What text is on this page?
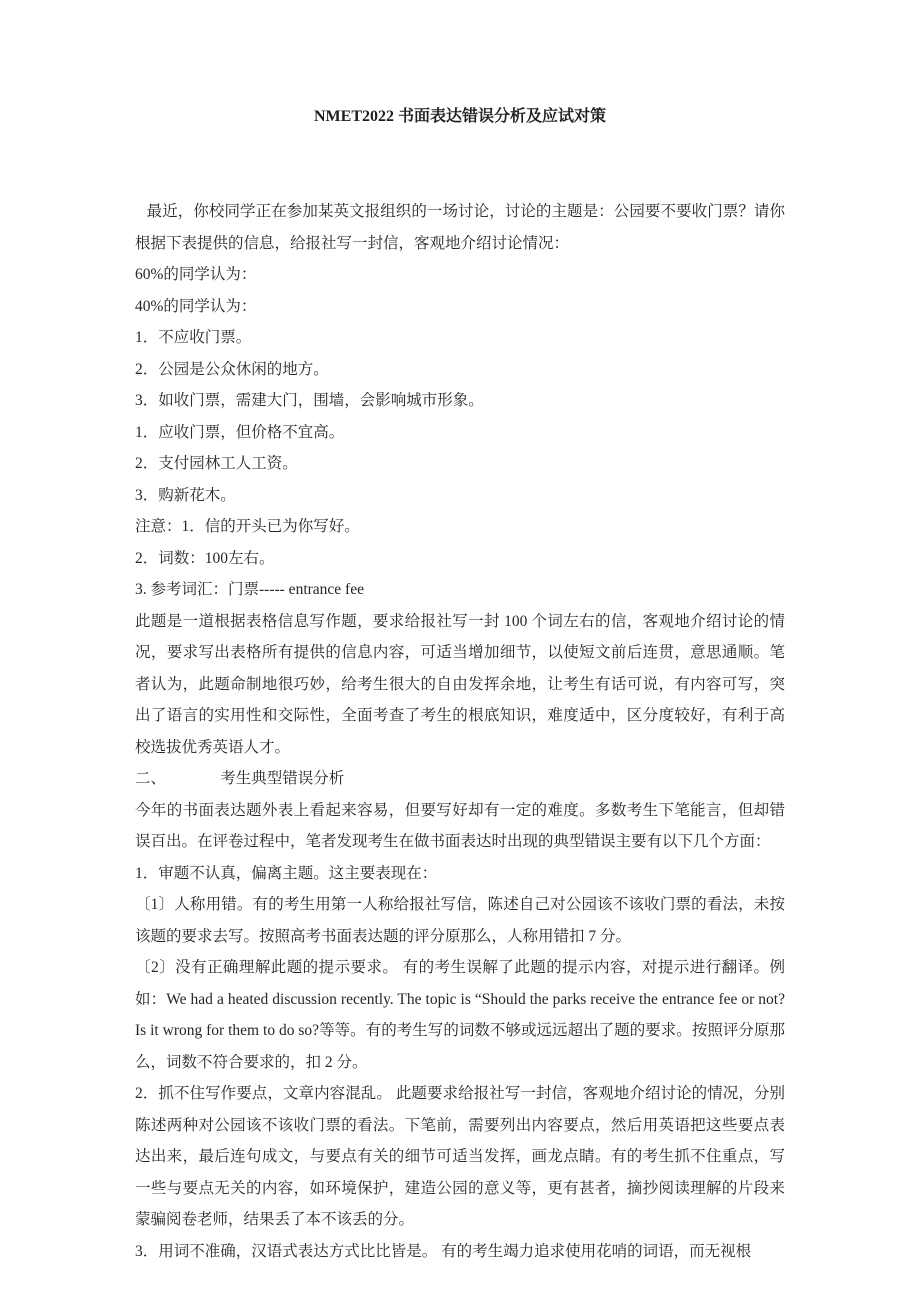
NMET2022 书面表达错误分析及应试对策

最近，你校同学正在参加某英文报组织的一场讨论，讨论的主题是：公园要不要收门票？请你根据下表提供的信息，给报社写一封信，客观地介绍讨论情况：

60%的同学认为：

40%的同学认为：

1．不应收门票。

2．公园是公众休闲的地方。

3．如收门票，需建大门，围墙，会影响城市形象。

1．应收门票，但价格不宜高。

2．支付园林工人工资。

3．购新花木。

注意：1．信的开头已为你写好。

2．词数：100左右。

3. 参考词汇：门票----- entrance fee

此题是一道根据表格信息写作题，要求给报社写一封 100 个词左右的信，客观地介绍讨论的情况，要求写出表格所有提供的信息内容，可适当增加细节，以使短文前后连贯，意思通顺。笔者认为，此题命制地很巧妙，给考生很大的自由发挥余地，让考生有话可说，有内容可写，突出了语言的实用性和交际性，全面考查了考生的根底知识，难度适中，区分度较好，有利于高校选拔优秀英语人才。

二、　　　　考生典型错误分析

今年的书面表达题外表上看起来容易，但要写好却有一定的难度。多数考生下笔能言，但却错误百出。在评卷过程中，笔者发现考生在做书面表达时出现的典型错误主要有以下几个方面：

1．审题不认真，偏离主题。这主要表现在：

〔1〕人称用错。有的考生用第一人称给报社写信，陈述自己对公园该不该收门票的看法，未按该题的要求去写。按照高考书面表达题的评分原那么，人称用错扣 7 分。

〔2〕没有正确理解此题的提示要求。 有的考生误解了此题的提示内容，对提示进行翻译。例如：We had a heated discussion recently. The topic is “Should the parks receive the entrance fee or not? Is it wrong for them to do so?等等。有的考生写的词数不够或远远超出了题的要求。按照评分原那么，词数不符合要求的，扣 2 分。

2．抓不住写作要点，文章内容混乱。 此题要求给报社写一封信，客观地介绍讨论的情况，分别陈述两种对公园该不该收门票的看法。下笔前，需要列出内容要点，然后用英语把这些要点表达出来，最后连句成文，与要点有关的细节可适当发挥，画龙点睛。有的考生抓不住重点，写一些与要点无关的内容，如环境保护，建造公园的意义等，更有甚者，摘抄阅读理解的片段来蒙骗阅卷老师，结果丢了本不该丢的分。

3．用词不准确，汉语式表达方式比比皆是。 有的考生竭力追求使用花哨的词语，而无视根
